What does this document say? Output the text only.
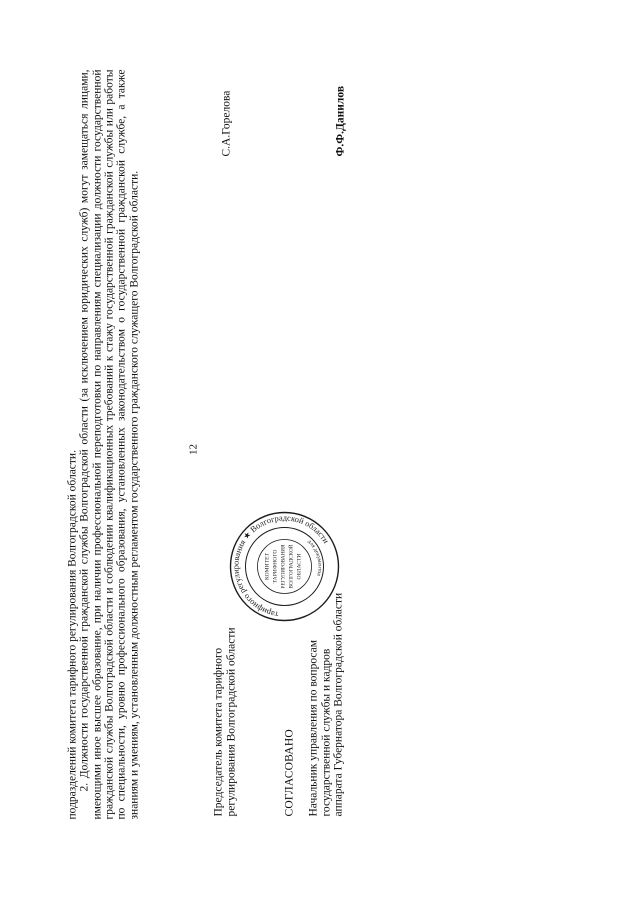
12

подразделений комитета тарифного регулирования Волгоградской области. 2. Должности государственной гражданской службы Волгоградской области (за исключением юридических служб) могут замещаться лицами, имеющими иное высшее образование, при наличии профессиональной переподготовки по направлениям специализации должности государственной гражданской службы Волгоградской области и соблюдении квалификационных требований к стажу государственной гражданской службы или работы по специальности, уровню профессионального образования, установленных законодательством о государственной гражданской службе, а также знаниям и умениям, установленным должностным регламентом государственного гражданского служащего Волгоградской области.	Председатель комитета тарифного регулирования Волгоградской области
С.А.Горелова
тарифного регулирования ★ Волгоградской области
для документов
КОМИТЕТ ТАРИФНОГО РЕГУЛИРОВАНИЯ ВОЛГОГРАДСКОЙ ОБЛАСТИ
СОГЛАСОВАНО Начальник управления по вопросам государственной службы и кадров аппарата Губернатора Волгоградской области
Ф.Ф.Данилов
